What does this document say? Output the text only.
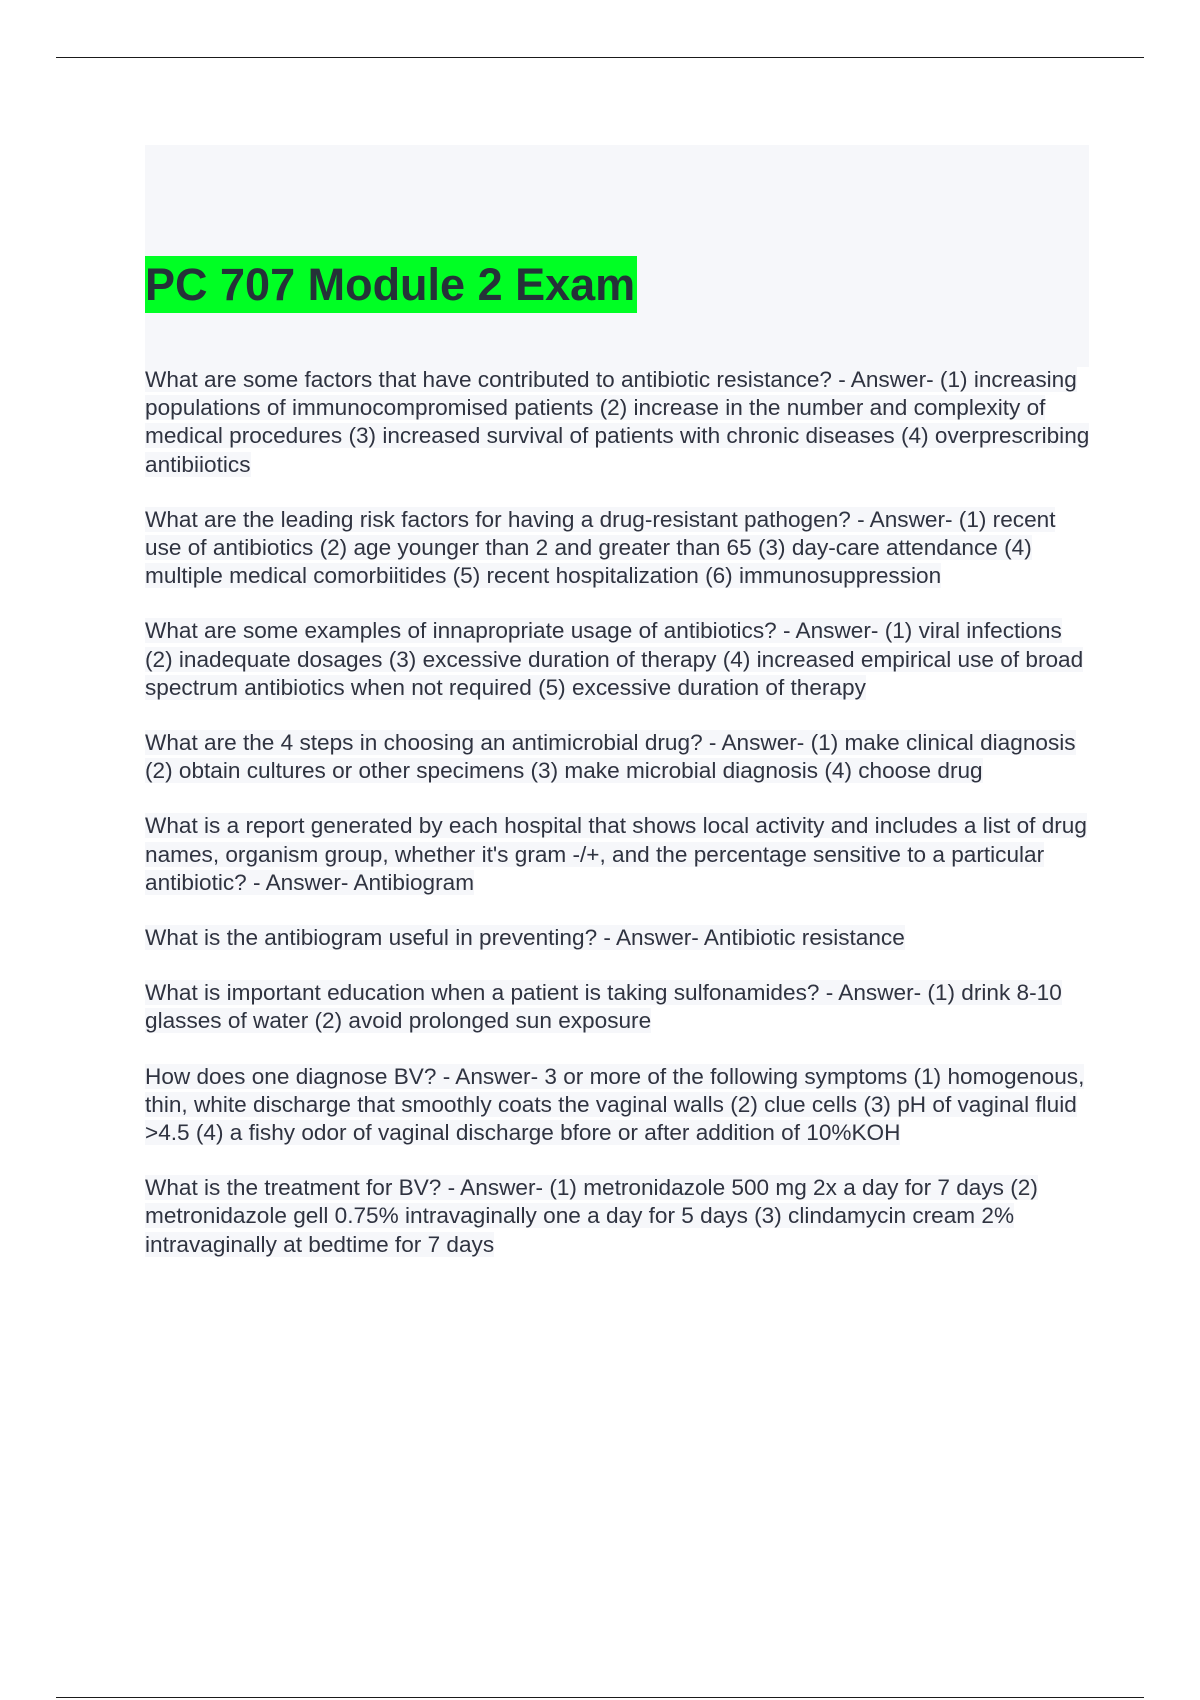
PC 707 Module 2 Exam

What are some factors that have contributed to antibiotic resistance? - Answer- (1) increasing populations of immunocompromised patients (2) increase in the number and complexity of medical procedures (3) increased survival of patients with chronic diseases (4) overprescribing antibiiotics

What are the leading risk factors for having a drug-resistant pathogen? - Answer- (1) recent use of antibiotics (2) age younger than 2 and greater than 65 (3) day-care attendance (4) multiple medical comorbiitides (5) recent hospitalization (6) immunosuppression

What are some examples of innapropriate usage of antibiotics? - Answer- (1) viral infections (2) inadequate dosages (3) excessive duration of therapy (4) increased empirical use of broad spectrum antibiotics when not required (5) excessive duration of therapy

What are the 4 steps in choosing an antimicrobial drug? - Answer- (1) make clinical diagnosis (2) obtain cultures or other specimens (3) make microbial diagnosis (4) choose drug

What is a report generated by each hospital that shows local activity and includes a list of drug names, organism group, whether it's gram -/+, and the percentage sensitive to a particular antibiotic? - Answer- Antibiogram

What is the antibiogram useful in preventing? - Answer- Antibiotic resistance

What is important education when a patient is taking sulfonamides? - Answer- (1) drink 8-10 glasses of water (2) avoid prolonged sun exposure

How does one diagnose BV? - Answer- 3 or more of the following symptoms (1) homogenous, thin, white discharge that smoothly coats the vaginal walls (2) clue cells (3) pH of vaginal fluid >4.5 (4) a fishy odor of vaginal discharge bfore or after addition of 10%KOH

What is the treatment for BV? - Answer- (1) metronidazole 500 mg 2x a day for 7 days (2) metronidazole gell 0.75% intravaginally one a day for 5 days (3) clindamycin cream 2% intravaginally at bedtime for 7 days
